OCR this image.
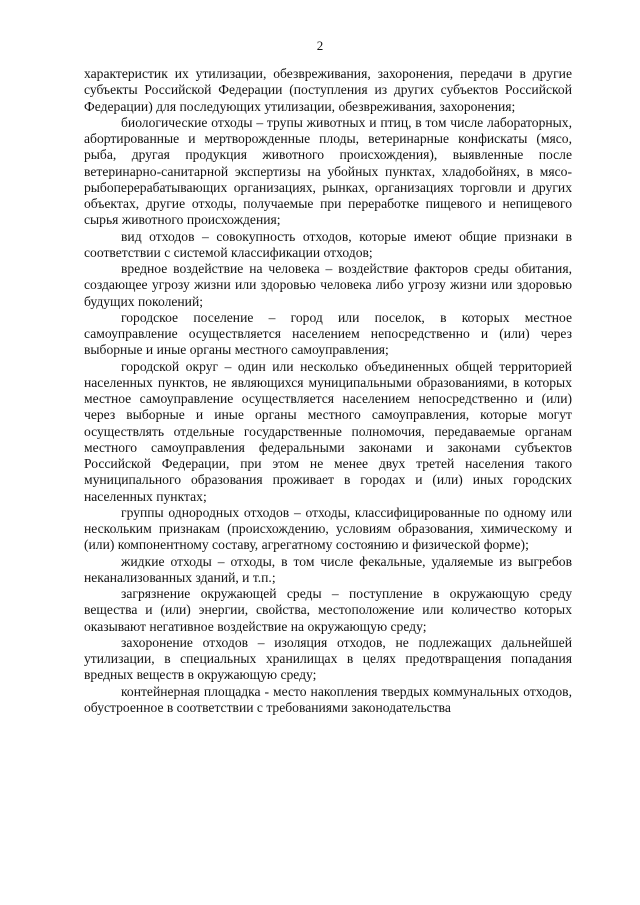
2

характеристик их утилизации, обезвреживания, захоронения, передачи в другие субъекты Российской Федерации (поступления из других субъектов Российской Федерации) для последующих утилизации, обезвреживания, захоронения;

биологические отходы – трупы животных и птиц, в том числе лабораторных, абортированные и мертворожденные плоды, ветеринарные конфискаты (мясо, рыба, другая продукция животного происхождения), выявленные после ветеринарно-санитарной экспертизы на убойных пунктах, хладобойнях, в мясо-рыбоперерабатывающих организациях, рынках, организациях торговли и других объектах, другие отходы, получаемые при переработке пищевого и непищевого сырья животного происхождения;

вид отходов – совокупность отходов, которые имеют общие признаки в соответствии с системой классификации отходов;

вредное воздействие на человека – воздействие факторов среды обитания, создающее угрозу жизни или здоровью человека либо угрозу жизни или здоровью будущих поколений;

городское поселение – город или поселок, в которых местное самоуправление осуществляется населением непосредственно и (или) через выборные и иные органы местного самоуправления;

городской округ – один или несколько объединенных общей территорией населенных пунктов, не являющихся муниципальными образованиями, в которых местное самоуправление осуществляется населением непосредственно и (или) через выборные и иные органы местного самоуправления, которые могут осуществлять отдельные государственные полномочия, передаваемые органам местного самоуправления федеральными законами и законами субъектов Российской Федерации, при этом не менее двух третей населения такого муниципального образования проживает в городах и (или) иных городских населенных пунктах;

группы однородных отходов – отходы, классифицированные по одному или нескольким признакам (происхождению, условиям образования, химическому и (или) компонентному составу, агрегатному состоянию и физической форме);

жидкие отходы – отходы, в том числе фекальные, удаляемые из выгребов неканализованных зданий, и т.п.;

загрязнение окружающей среды – поступление в окружающую среду вещества и (или) энергии, свойства, местоположение или количество которых оказывают негативное воздействие на окружающую среду;

захоронение отходов – изоляция отходов, не подлежащих дальнейшей утилизации, в специальных хранилищах в целях предотвращения попадания вредных веществ в окружающую среду;

контейнерная площадка - место накопления твердых коммунальных отходов, обустроенное в соответствии с требованиями законодательства
